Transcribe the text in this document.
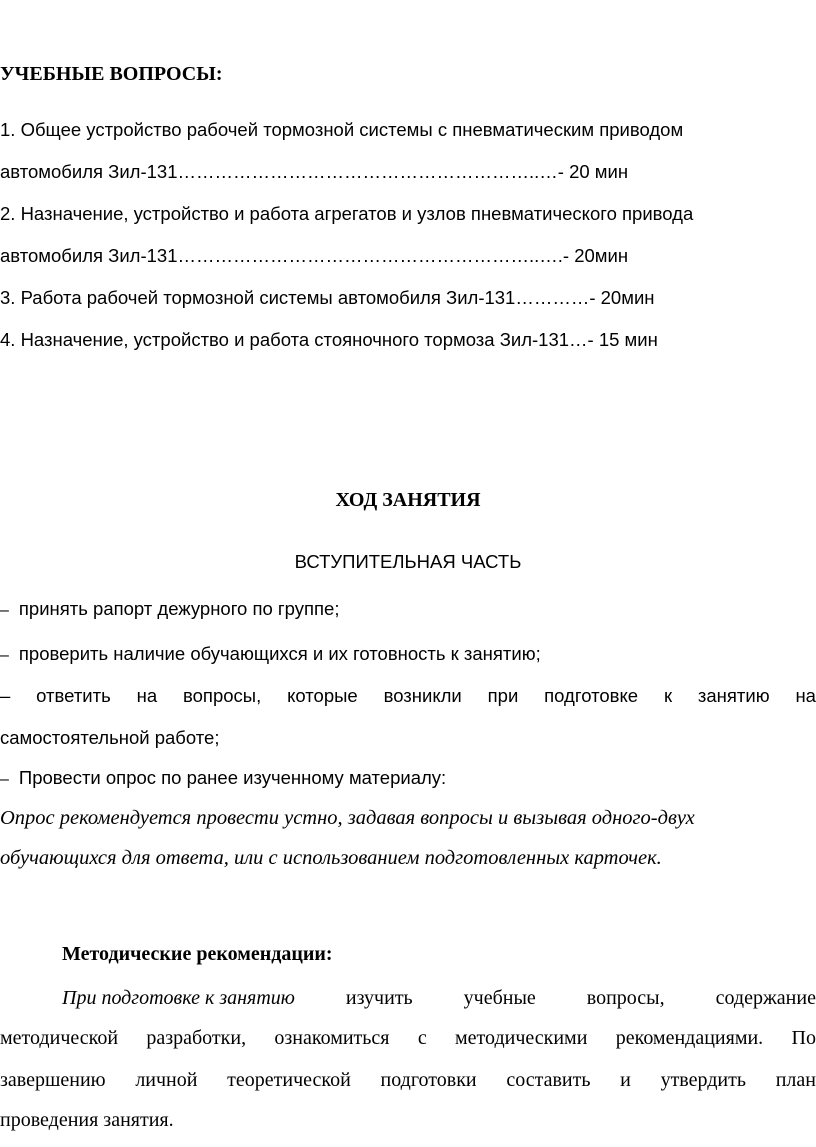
УЧЕБНЫЕ ВОПРОСЫ:
1. Общее устройство рабочей тормозной системы с пневматическим приводом
автомобиля Зил-131…………………………………………………..…- 20 мин
2. Назначение, устройство и работа агрегатов и узлов пневматического привода
автомобиля Зил-131…………………………………………………..….- 20мин
3. Работа рабочей тормозной системы автомобиля Зил-131…………- 20мин
4. Назначение, устройство и работа стояночного тормоза Зил-131…- 15 мин
ХОД ЗАНЯТИЯ
ВСТУПИТЕЛЬНАЯ ЧАСТЬ
– принять рапорт дежурного по группе;
– проверить наличие обучающихся и их готовность к занятию;
– ответить на вопросы, которые возникли при подготовке к занятию на
самостоятельной работе;
– Провести опрос по ранее изученному материалу:
Опрос рекомендуется провести устно, задавая вопросы и вызывая одного-двух
обучающихся для ответа, или с использованием подготовленных карточек.
Методические рекомендации:
При подготовке к занятию	изучить	учебные	вопросы,	содержание
методической разработки, ознакомиться с методическими рекомендациями. По
завершению личной теоретической подготовки составить и утвердить план
проведения занятия.
